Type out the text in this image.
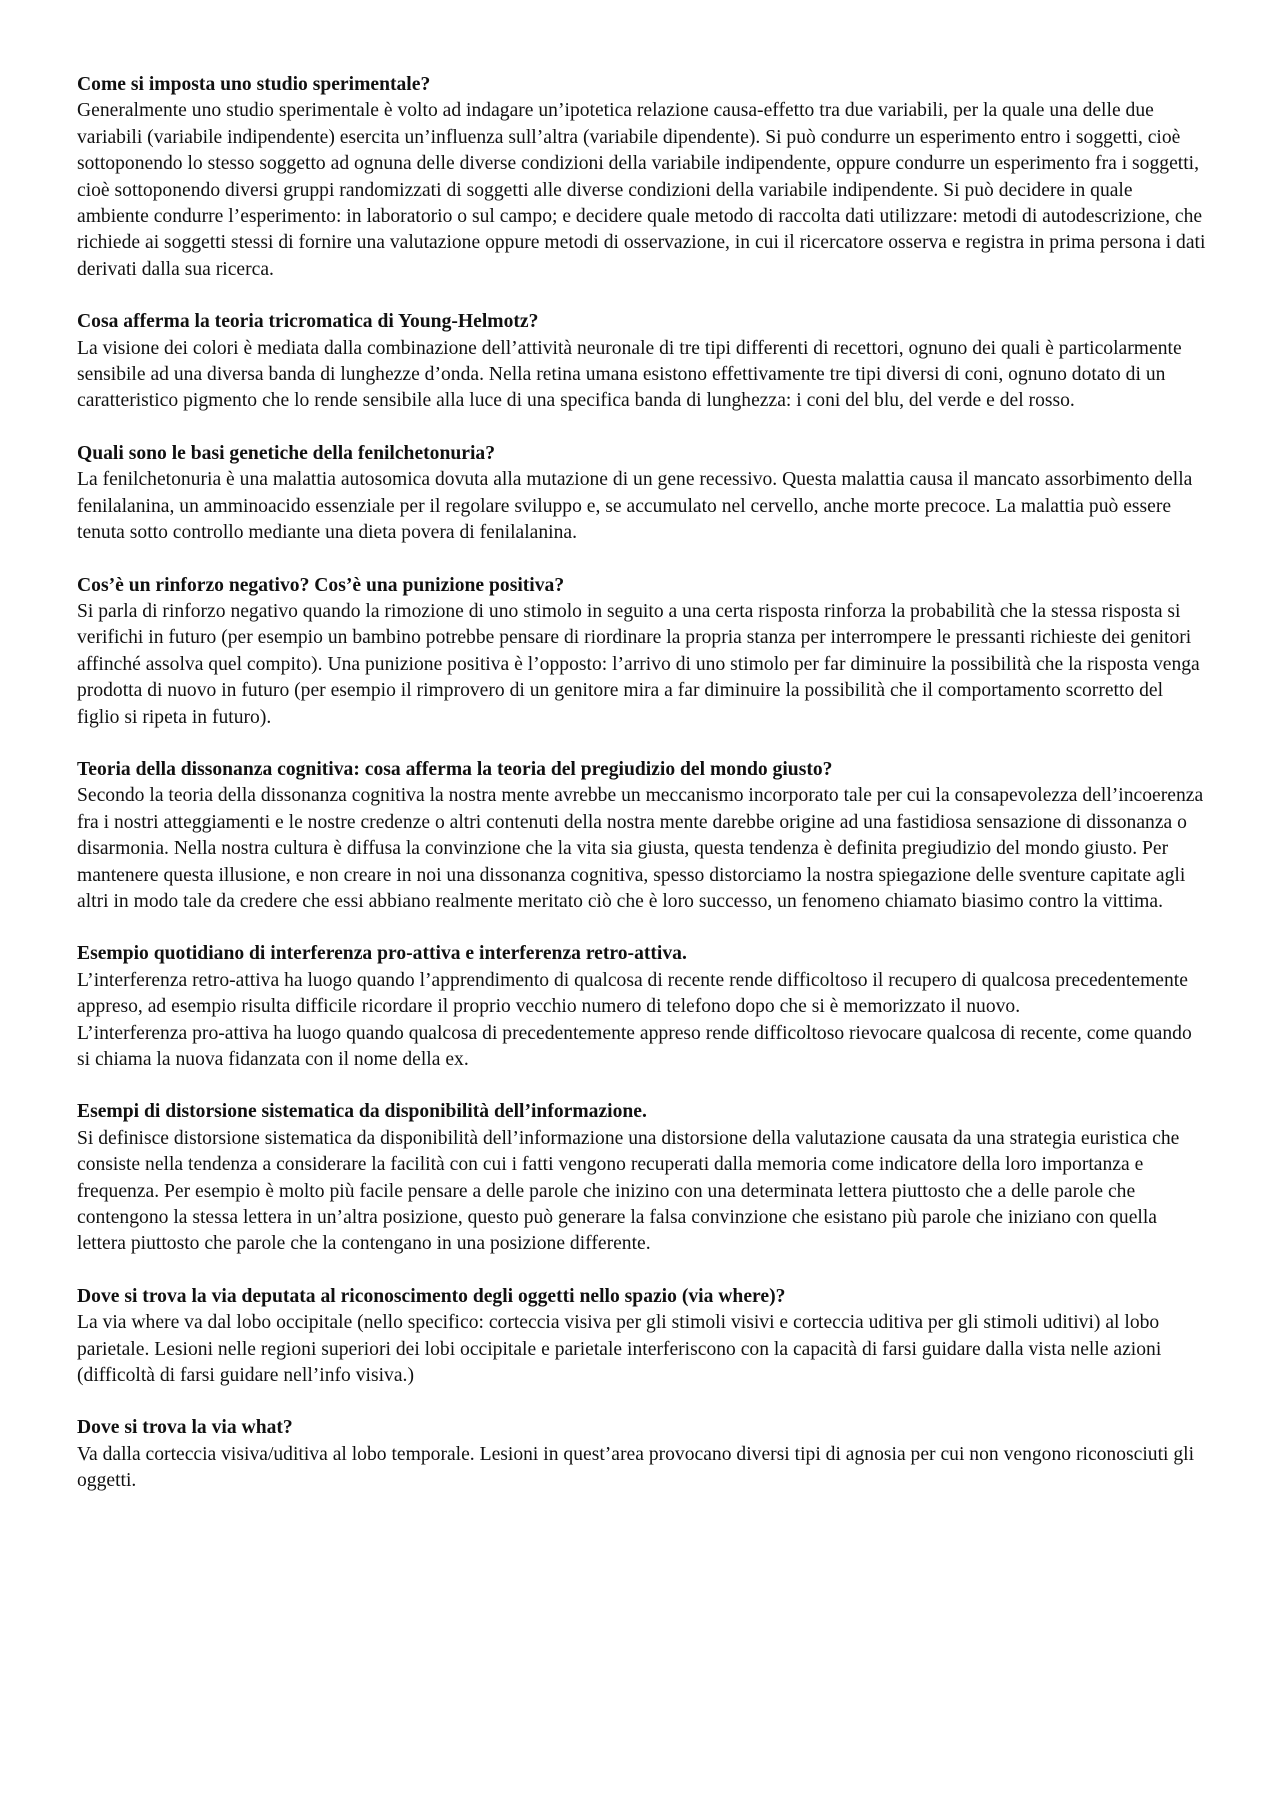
Come si imposta uno studio sperimentale?

Generalmente uno studio sperimentale è volto ad indagare un’ipotetica relazione causa-effetto tra due variabili, per la quale una delle due variabili (variabile indipendente) esercita un’influenza sull’altra (variabile dipendente). Si può condurre un esperimento entro i soggetti, cioè sottoponendo lo stesso soggetto ad ognuna delle diverse condizioni della variabile indipendente, oppure condurre un esperimento fra i soggetti, cioè sottoponendo diversi gruppi randomizzati di soggetti alle diverse condizioni della variabile indipendente. Si può decidere in quale ambiente condurre l’esperimento: in laboratorio o sul campo; e decidere quale metodo di raccolta dati utilizzare: metodi di autodescrizione, che richiede ai soggetti stessi di fornire una valutazione oppure metodi di osservazione, in cui il ricercatore osserva e registra in prima persona i dati derivati dalla sua ricerca.

Cosa afferma la teoria tricromatica di Young-Helmotz?

La visione dei colori è mediata dalla combinazione dell’attività neuronale di tre tipi differenti di recettori, ognuno dei quali è particolarmente sensibile ad una diversa banda di lunghezze d’onda. Nella retina umana esistono effettivamente tre tipi diversi di coni, ognuno dotato di un caratteristico pigmento che lo rende sensibile alla luce di una specifica banda di lunghezza: i coni del blu, del verde e del rosso.

Quali sono le basi genetiche della fenilchetonuria?

La fenilchetonuria è una malattia autosomica dovuta alla mutazione di un gene recessivo. Questa malattia causa il mancato assorbimento della fenilalanina, un amminoacido essenziale per il regolare sviluppo e, se accumulato nel cervello, anche morte precoce. La malattia può essere tenuta sotto controllo mediante una dieta povera di fenilalanina.

Cos’è un rinforzo negativo? Cos’è una punizione positiva?

Si parla di rinforzo negativo quando la rimozione di uno stimolo in seguito a una certa risposta rinforza la probabilità che la stessa risposta si verifichi in futuro (per esempio un bambino potrebbe pensare di riordinare la propria stanza per interrompere le pressanti richieste dei genitori affinché assolva quel compito). Una punizione positiva è l’opposto: l’arrivo di uno stimolo per far diminuire la possibilità che la risposta venga prodotta di nuovo in futuro (per esempio il rimprovero di un genitore mira a far diminuire la possibilità che il comportamento scorretto del figlio si ripeta in futuro).

Teoria della dissonanza cognitiva: cosa afferma la teoria del pregiudizio del mondo giusto?

Secondo la teoria della dissonanza cognitiva la nostra mente avrebbe un meccanismo incorporato tale per cui la consapevolezza dell’incoerenza fra i nostri atteggiamenti e le nostre credenze o altri contenuti della nostra mente darebbe origine ad una fastidiosa sensazione di dissonanza o disarmonia. Nella nostra cultura è diffusa la convinzione che la vita sia giusta, questa tendenza è definita pregiudizio del mondo giusto. Per mantenere questa illusione, e non creare in noi una dissonanza cognitiva, spesso distorciamo la nostra spiegazione delle sventure capitate agli altri in modo tale da credere che essi abbiano realmente meritato ciò che è loro successo, un fenomeno chiamato biasimo contro la vittima.

Esempio quotidiano di interferenza pro-attiva e interferenza retro-attiva.

L’interferenza retro-attiva ha luogo quando l’apprendimento di qualcosa di recente rende difficoltoso il recupero di qualcosa precedentemente appreso, ad esempio risulta difficile ricordare il proprio vecchio numero di telefono dopo che si è memorizzato il nuovo.

L’interferenza pro-attiva ha luogo quando qualcosa di precedentemente appreso rende difficoltoso rievocare qualcosa di recente, come quando si chiama la nuova fidanzata con il nome della ex.

Esempi di distorsione sistematica da disponibilità dell’informazione.

Si definisce distorsione sistematica da disponibilità dell’informazione una distorsione della valutazione causata da una strategia euristica che consiste nella tendenza a considerare la facilità con cui i fatti vengono recuperati dalla memoria come indicatore della loro importanza e frequenza. Per esempio è molto più facile pensare a delle parole che inizino con una determinata lettera piuttosto che a delle parole che contengono la stessa lettera in un’altra posizione, questo può generare la falsa convinzione che esistano più parole che iniziano con quella lettera piuttosto che parole che la contengano in una posizione differente.

Dove si trova la via deputata al riconoscimento degli oggetti nello spazio (via where)?

La via where va dal lobo occipitale (nello specifico: corteccia visiva per gli stimoli visivi e corteccia uditiva per gli stimoli uditivi) al lobo parietale. Lesioni nelle regioni superiori dei lobi occipitale e parietale interferiscono con la capacità di farsi guidare dalla vista nelle azioni (difficoltà di farsi guidare nell’info visiva.)

Dove si trova la via what?

Va dalla corteccia visiva/uditiva al lobo temporale. Lesioni in quest’area provocano diversi tipi di agnosia per cui non vengono riconosciuti gli oggetti.
